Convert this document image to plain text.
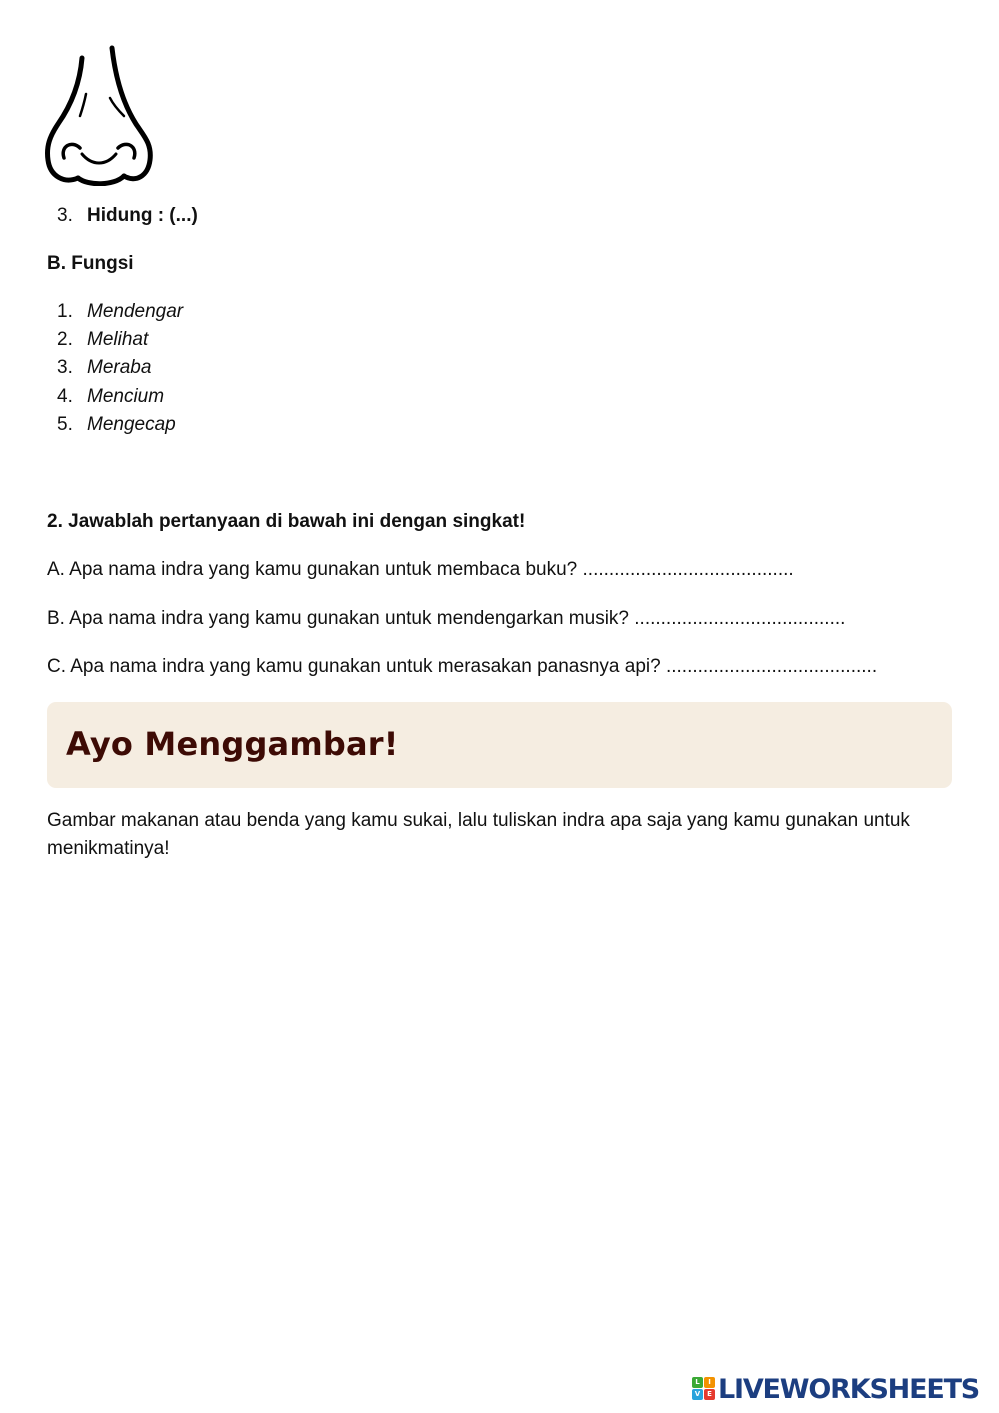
3. Hidung : (...)
B. Fungsi
1. Mendengar
2. Melihat
3. Meraba
4. Mencium
5. Mengecap
2. Jawablah pertanyaan di bawah ini dengan singkat!
A. Apa nama indra yang kamu gunakan untuk membaca buku? ........................................
B. Apa nama indra yang kamu gunakan untuk mendengarkan musik? ........................................
C. Apa nama indra yang kamu gunakan untuk merasakan panasnya api? ........................................
Ayo Menggambar!
Gambar makanan atau benda yang kamu sukai, lalu tuliskan indra apa saja yang kamu gunakan untuk menikmatinya!
L	I
V E LIVEWORKSHEETS
